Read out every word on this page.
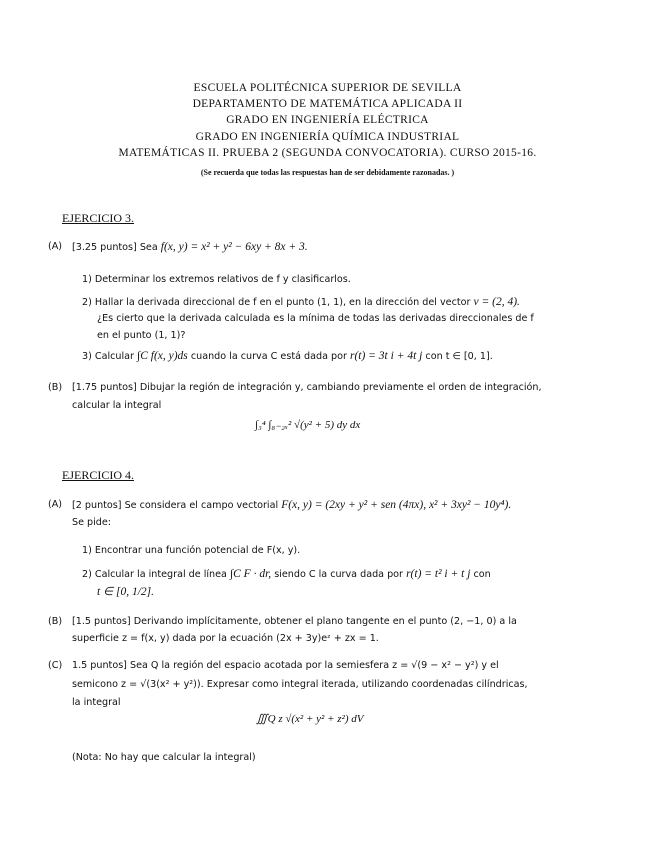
ESCUELA POLITÉCNICA SUPERIOR DE SEVILLA
DEPARTAMENTO DE MATEMÁTICA APLICADA II
GRADO EN INGENIERÍA ELÉCTRICA
GRADO EN INGENIERÍA QUÍMICA INDUSTRIAL
MATEMÁTICAS II. PRUEBA 2 (SEGUNDA CONVOCATORIA). CURSO 2015-16.
(Se recuerda que todas las respuestas han de ser debidamente razonadas. )
EJERCICIO 3.
(A) [3.25 puntos] Sea f(x, y) = x² + y² − 6xy + 8x + 3.
1) Determinar los extremos relativos de f y clasificarlos.
2) Hallar la derivada direccional de f en el punto (1, 1), en la dirección del vector v = (2, 4).
¿Es cierto que la derivada calculada es la mínima de todas las derivadas direccionales de f
en el punto (1, 1)?
3) Calcular ∫C f(x, y)ds cuando la curva C está dada por r(t) = 3t i + 4t j con t ∈ [0, 1].
(B) [1.75 puntos] Dibujar la región de integración y, cambiando previamente el orden de integración,
calcular la integral
∫₃⁴ ∫₈₋₂ₓ² √(y² + 5) dy dx
EJERCICIO 4.
(A) [2 puntos] Se considera el campo vectorial F(x, y) = (2xy + y² + sen (4πx), x² + 3xy² − 10y⁴).
Se pide:
1) Encontrar una función potencial de F(x, y).
2) Calcular la integral de línea ∫C F · dr, siendo C la curva dada por r(t) = t² i + t j con
t ∈ [0, 1/2].
(B) [1.5 puntos] Derivando implícitamente, obtener el plano tangente en el punto (2, −1, 0) a la
superficie z = f(x, y) dada por la ecuación (2x + 3y)eᶻ + zx = 1.
(C) 1.5 puntos] Sea Q la región del espacio acotada por la semiesfera z = √(9 − x² − y²) y el
semicono z = √(3(x² + y²)). Expresar como integral iterada, utilizando coordenadas cilíndricas,
la integral
∭Q z √(x² + y² + z²) dV
(Nota: No hay que calcular la integral)
